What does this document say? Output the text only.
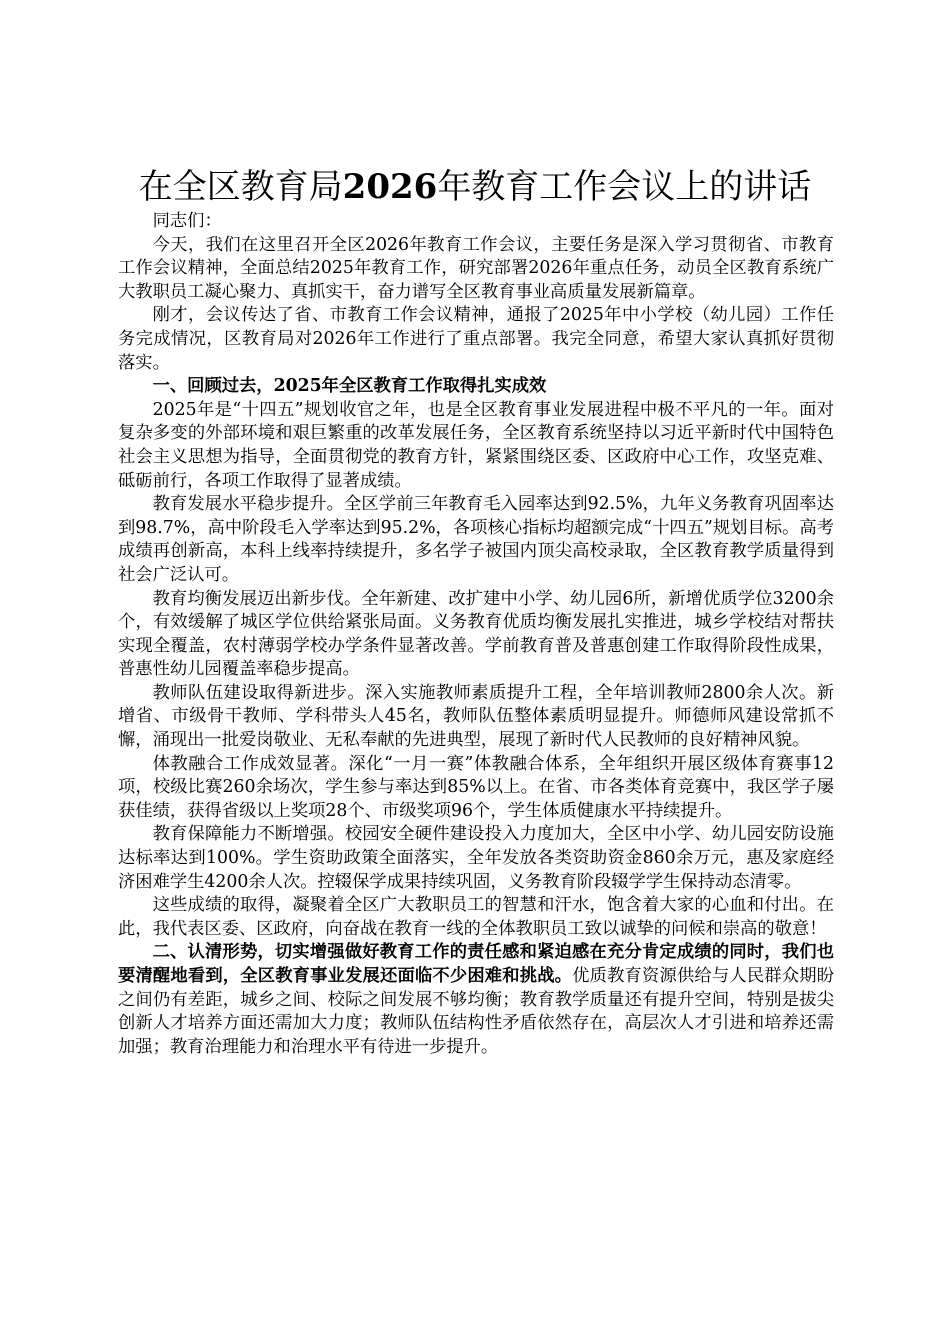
在全区教育局2026年教育工作会议上的讲话

同志们：

今天，我们在这里召开全区2026年教育工作会议，主要任务是深入学习贯彻省、市教育工作会议精神，全面总结2025年教育工作，研究部署2026年重点任务，动员全区教育系统广大教职员工凝心聚力、真抓实干，奋力谱写全区教育事业高质量发展新篇章。

刚才，会议传达了省、市教育工作会议精神，通报了2025年中小学校（幼儿园）工作任务完成情况，区教育局对2026年工作进行了重点部署。我完全同意，希望大家认真抓好贯彻落实。

一、回顾过去，2025年全区教育工作取得扎实成效

2025年是“十四五”规划收官之年，也是全区教育事业发展进程中极不平凡的一年。面对复杂多变的外部环境和艰巨繁重的改革发展任务，全区教育系统坚持以习近平新时代中国特色社会主义思想为指导，全面贯彻党的教育方针，紧紧围绕区委、区政府中心工作，攻坚克难、砥砺前行，各项工作取得了显著成绩。

教育发展水平稳步提升。全区学前三年教育毛入园率达到92.5%，九年义务教育巩固率达到98.7%，高中阶段毛入学率达到95.2%，各项核心指标均超额完成“十四五”规划目标。高考成绩再创新高，本科上线率持续提升，多名学子被国内顶尖高校录取，全区教育教学质量得到社会广泛认可。

教育均衡发展迈出新步伐。全年新建、改扩建中小学、幼儿园6所，新增优质学位3200余个，有效缓解了城区学位供给紧张局面。义务教育优质均衡发展扎实推进，城乡学校结对帮扶实现全覆盖，农村薄弱学校办学条件显著改善。学前教育普及普惠创建工作取得阶段性成果，普惠性幼儿园覆盖率稳步提高。

教师队伍建设取得新进步。深入实施教师素质提升工程，全年培训教师2800余人次。新增省、市级骨干教师、学科带头人45名，教师队伍整体素质明显提升。师德师风建设常抓不懈，涌现出一批爱岗敬业、无私奉献的先进典型，展现了新时代人民教师的良好精神风貌。

体教融合工作成效显著。深化“一月一赛”体教融合体系，全年组织开展区级体育赛事12项，校级比赛260余场次，学生参与率达到85%以上。在省、市各类体育竞赛中，我区学子屡获佳绩，获得省级以上奖项28个、市级奖项96个，学生体质健康水平持续提升。

教育保障能力不断增强。校园安全硬件建设投入力度加大，全区中小学、幼儿园安防设施达标率达到100%。学生资助政策全面落实，全年发放各类资助资金860余万元，惠及家庭经济困难学生4200余人次。控辍保学成果持续巩固，义务教育阶段辍学学生保持动态清零。

这些成绩的取得，凝聚着全区广大教职员工的智慧和汗水，饱含着大家的心血和付出。在此，我代表区委、区政府，向奋战在教育一线的全体教职员工致以诚挚的问候和崇高的敬意！

二、认清形势，切实增强做好教育工作的责任感和紧迫感在充分肯定成绩的同时，我们也要清醒地看到，全区教育事业发展还面临不少困难和挑战。优质教育资源供给与人民群众期盼之间仍有差距，城乡之间、校际之间发展不够均衡；教育教学质量还有提升空间，特别是拔尖创新人才培养方面还需加大力度；教师队伍结构性矛盾依然存在，高层次人才引进和培养还需加强；教育治理能力和治理水平有待进一步提升。
